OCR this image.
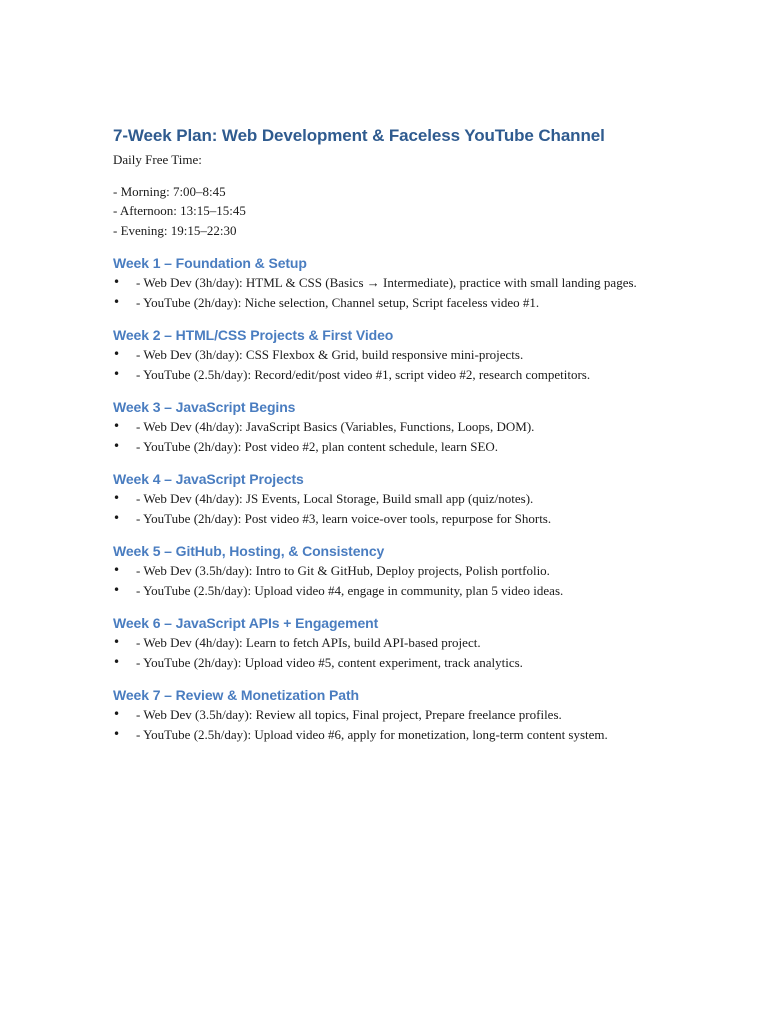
7-Week Plan: Web Development & Faceless YouTube Channel

Daily Free Time:

- Morning: 7:00–8:45
- Afternoon: 13:15–15:45
- Evening: 19:15–22:30
Week 1 – Foundation & Setup
• - Web Dev (3h/day): HTML & CSS (Basics → Intermediate), practice with small landing pages.
• - YouTube (2h/day): Niche selection, Channel setup, Script faceless video #1.
Week 2 – HTML/CSS Projects & First Video
• - Web Dev (3h/day): CSS Flexbox & Grid, build responsive mini-projects.
• - YouTube (2.5h/day): Record/edit/post video #1, script video #2, research competitors.
Week 3 – JavaScript Begins
• - Web Dev (4h/day): JavaScript Basics (Variables, Functions, Loops, DOM).
• - YouTube (2h/day): Post video #2, plan content schedule, learn SEO.
Week 4 – JavaScript Projects
• - Web Dev (4h/day): JS Events, Local Storage, Build small app (quiz/notes).
• - YouTube (2h/day): Post video #3, learn voice-over tools, repurpose for Shorts.
Week 5 – GitHub, Hosting, & Consistency
• - Web Dev (3.5h/day): Intro to Git & GitHub, Deploy projects, Polish portfolio.
• - YouTube (2.5h/day): Upload video #4, engage in community, plan 5 video ideas.
Week 6 – JavaScript APIs + Engagement
• - Web Dev (4h/day): Learn to fetch APIs, build API-based project.
• - YouTube (2h/day): Upload video #5, content experiment, track analytics.
Week 7 – Review & Monetization Path
• - Web Dev (3.5h/day): Review all topics, Final project, Prepare freelance profiles.
• - YouTube (2.5h/day): Upload video #6, apply for monetization, long-term content system.
